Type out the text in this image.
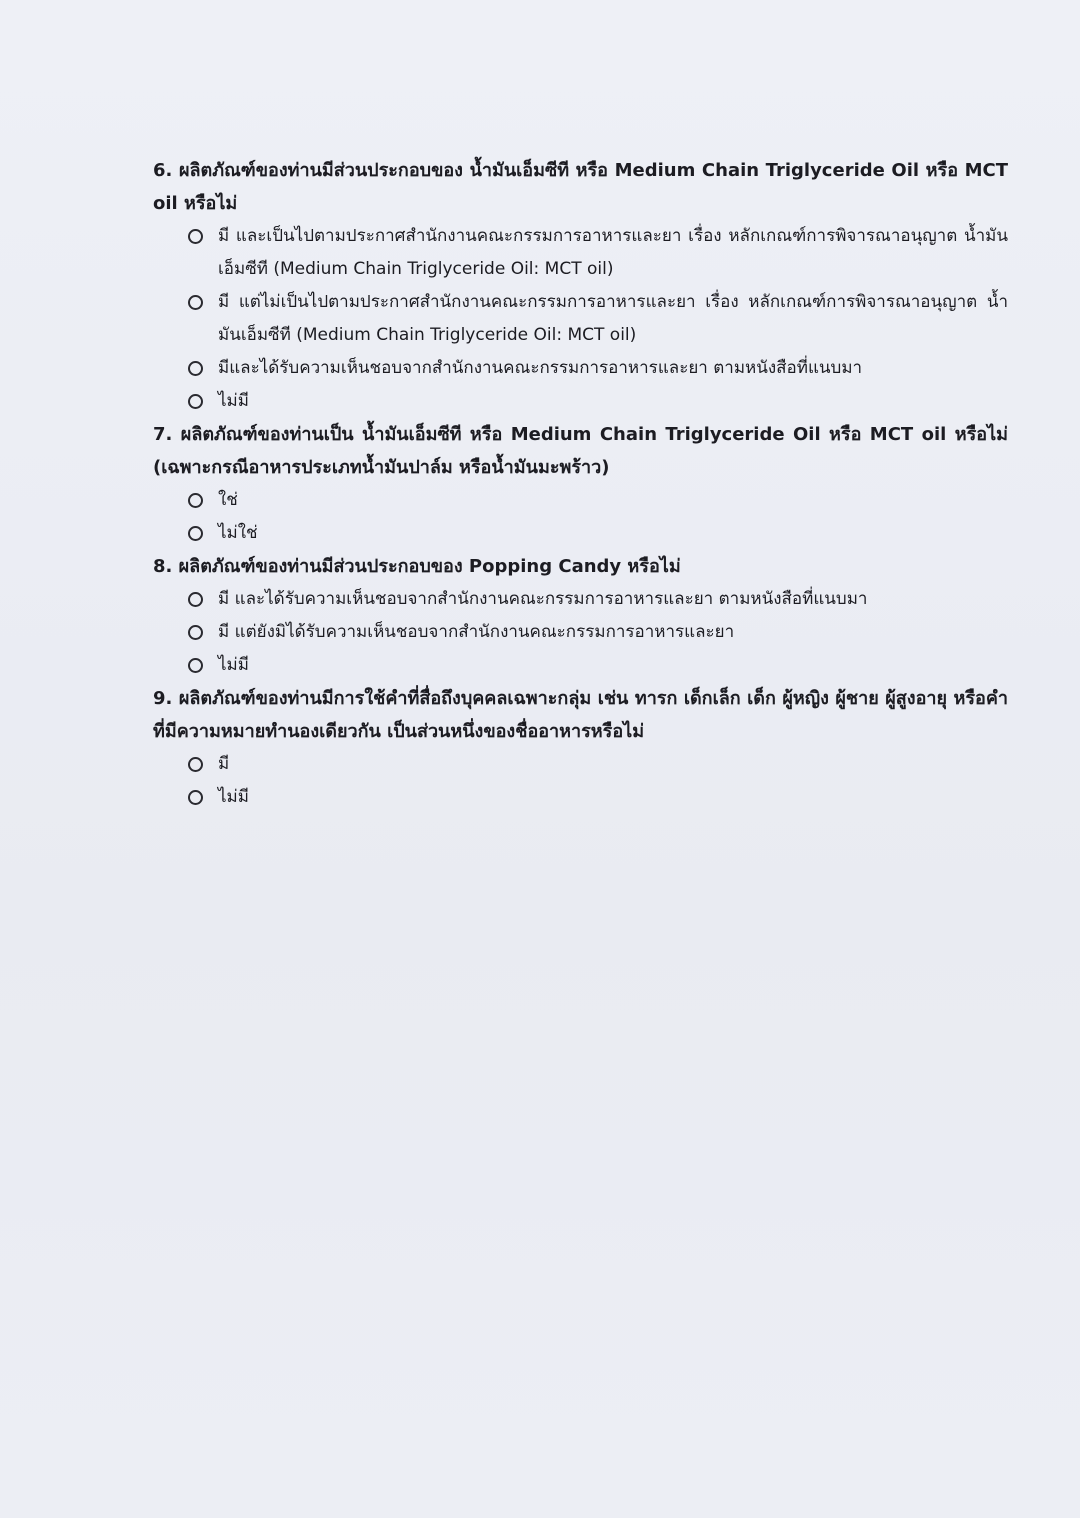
6. ผลิตภัณฑ์ของท่านมีส่วนประกอบของ น้ำมันเอ็มซีที หรือ Medium Chain Triglyceride Oil หรือ MCT oil หรือไม่

มี และเป็นไปตามประกาศสำนักงานคณะกรรมการอาหารและยา เรื่อง หลักเกณฑ์การพิจารณาอนุญาต น้ำมันเอ็มซีที (Medium Chain Triglyceride Oil: MCT oil)
มี แต่ไม่เป็นไปตามประกาศสำนักงานคณะกรรมการอาหารและยา เรื่อง หลักเกณฑ์การพิจารณาอนุญาต น้ำมันเอ็มซีที (Medium Chain Triglyceride Oil: MCT oil)
มีและได้รับความเห็นชอบจากสำนักงานคณะกรรมการอาหารและยา ตามหนังสือที่แนบมา
ไม่มี

7. ผลิตภัณฑ์ของท่านเป็น น้ำมันเอ็มซีที หรือ Medium Chain Triglyceride Oil หรือ MCT oil หรือไม่ (เฉพาะกรณีอาหารประเภทน้ำมันปาล์ม หรือน้ำมันมะพร้าว)

ใช่
ไม่ใช่

8. ผลิตภัณฑ์ของท่านมีส่วนประกอบของ Popping Candy หรือไม่

มี และได้รับความเห็นชอบจากสำนักงานคณะกรรมการอาหารและยา ตามหนังสือที่แนบมา
มี แต่ยังมิได้รับความเห็นชอบจากสำนักงานคณะกรรมการอาหารและยา
ไม่มี

9. ผลิตภัณฑ์ของท่านมีการใช้คำที่สื่อถึงบุคคลเฉพาะกลุ่ม เช่น ทารก เด็กเล็ก เด็ก ผู้หญิง ผู้ชาย ผู้สูงอายุ หรือคำที่มีความหมายทำนองเดียวกัน เป็นส่วนหนึ่งของชื่ออาหารหรือไม่

มี
ไม่มี
